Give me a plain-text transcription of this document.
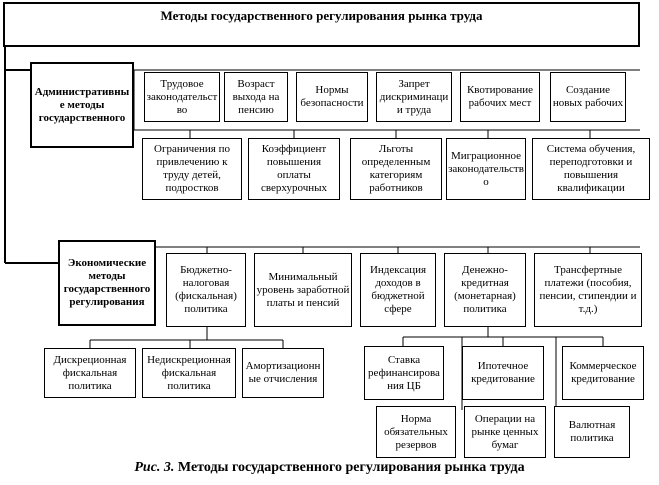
Методы государственного регулирования рынка труда
Административные методы государственного
Трудовое законодательство
Возраст выхода на пенсию
Нормы безопасности
Запрет дискриминации труда
Квотирование рабочих мест
Создание новых рабочих
Ограничения по привлечению к труду детей, подростков
Коэффициент повышения оплаты сверхурочных
Льготы определенным категориям работников
Миграционное законодательство
Система обучения, переподготовки и повышения квалификации
Экономические методы государственного регулирования
Бюджетно-налоговая (фискальная) политика
Минимальный уровень заработной платы и пенсий
Индексация доходов в бюджетной сфере
Денежно-кредитная (монетарная) политика
Трансфертные платежи (пособия, пенсии, стипендии и т.д.)
Дискреционная фискальная политика
Недискреционная фискальная политика
Амортизационные отчисления
Ставка рефинансирования ЦБ
Ипотечное кредитование
Коммерческое кредитование
Норма обязательных резервов
Операции на рынке ценных бумаг
Валютная политика
Рис. 3. Методы государственного регулирования рынка труда
